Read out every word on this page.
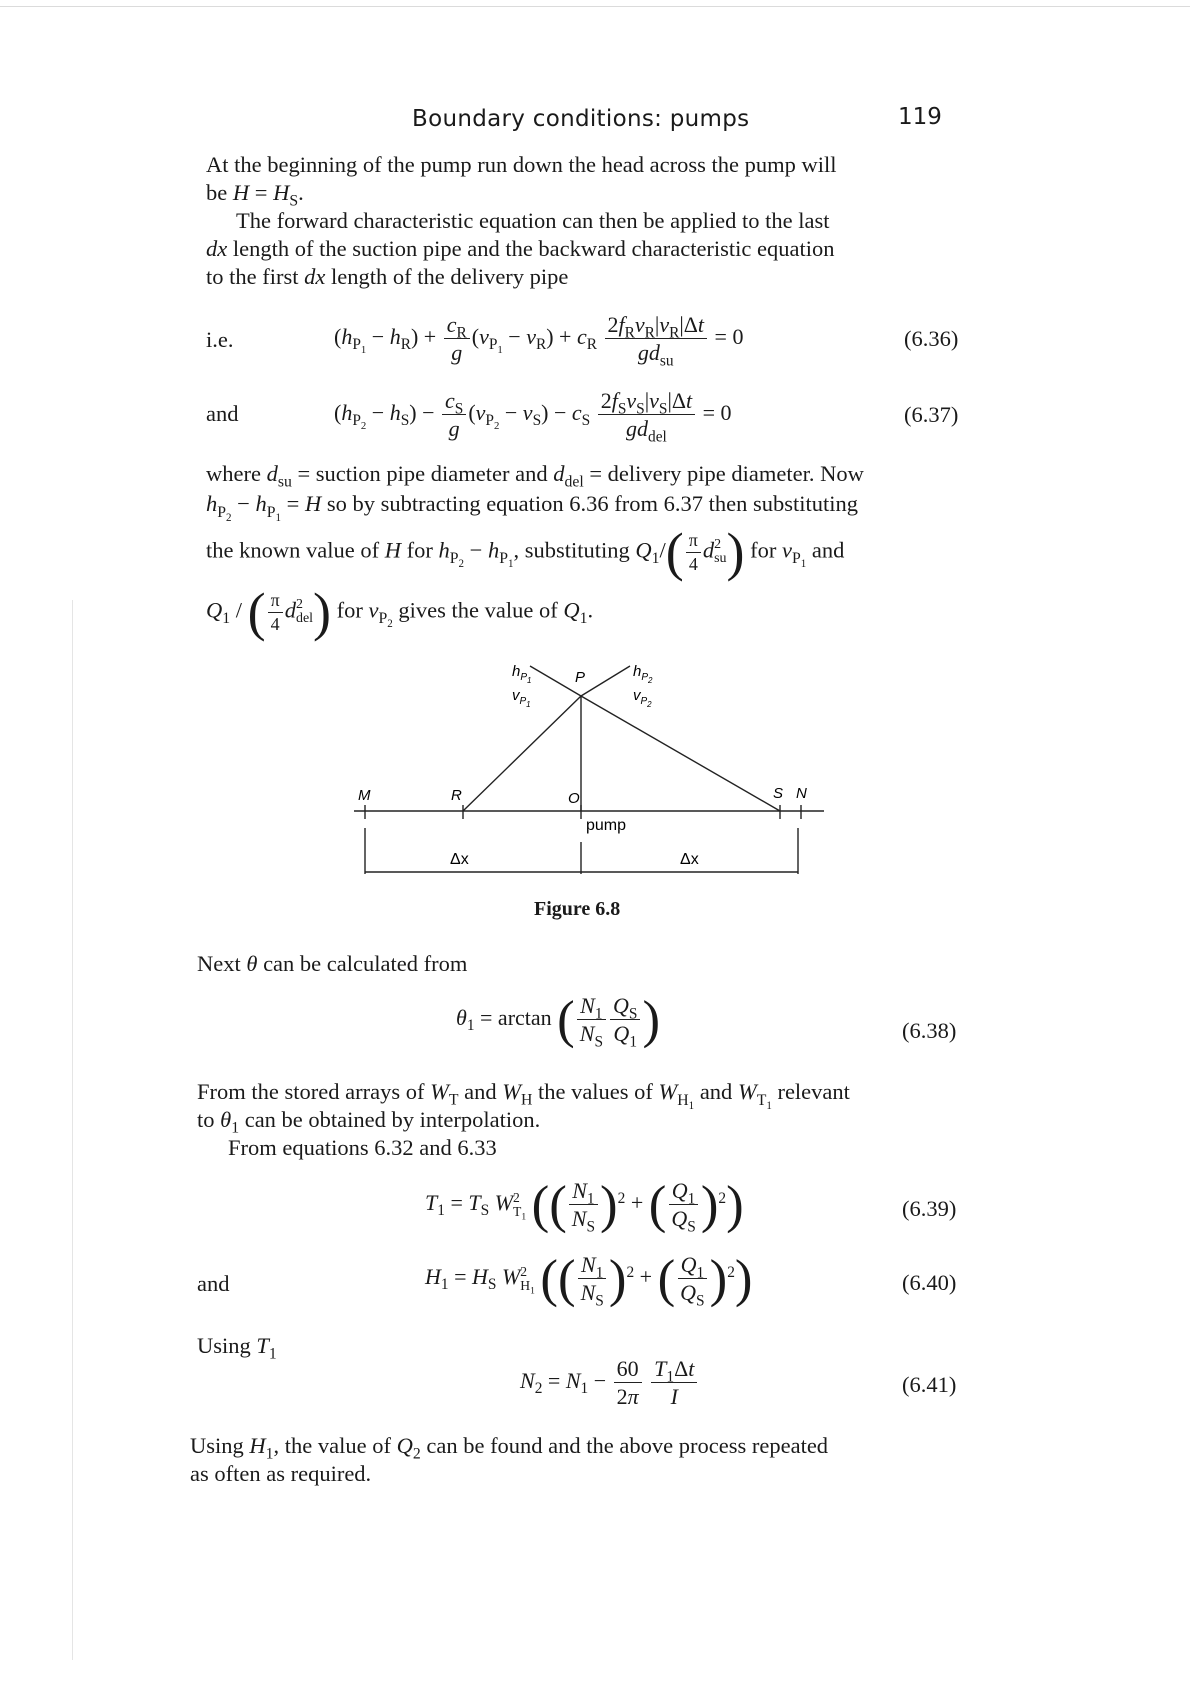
Boundary conditions: pumps	119
At the beginning of the pump run down the head across the pump will
be $H = H_S$.
The forward characteristic equation can then be applied to the last
dx length of the suction pipe and the backward characteristic equation
to the first dx length of the delivery pipe
i.e.	$(h_{P_1} - h_R) + \frac{c_R}{g} (v_{P_1} - v_R) + c_R \frac{2f_Rv_R|v_R|\Delta t}{gd_{su}} = 0$	(6.36)
and	$(h_{P_2} - h_S) - \frac{c_S}{g} (v_{P_2} - v_S) - c_S \frac{2f_Sv_S|v_S|\Delta t}{gd_{del}} = 0$	(6.37)
where $d_{su}$ = suction pipe diameter and $d_{del}$ = delivery pipe diameter. Now
$h_{P_2} - h_{P_1} = H$ so by subtracting equation 6.36 from 6.37 then substituting
the known value of H for $h_{P_2} - h_{P_1}$, substituting $Q_1/( \frac{\pi}{4}$ d 2
su ) for $v_{P_1}$ and
$Q_1$ / ( $\frac{\pi}{4}$ d 2
del ) for $v_{P_2}$ gives the value of $Q_1$.
M	R	O	S N
P
$h_{P1}$
$v_{P1}$
$h_{P2}$
$v_{P2}$
pump
Δx	Δx
Figure 6.8
Next θ can be calculated from
$\theta_1 = \arctan$ ( $\frac{N_1}{N_S} \frac{Q_S}{Q_1}$ )	(6.38)
From the stored arrays of $W_T$ and $W_H$ the values of $W_{H_1}$ and $W_{T_1}$ relevant
to $\theta_1$ can be obtained by interpolation.
From equations 6.32 and 6.33
$T_1 = T_S$ W 2
$T_1$ (( $\frac{N_1}{N_S} )^2$ + ( $\frac{Q_1}{Q_S} )^2$)	(6.39)
and	$H_1 = H_S$ W 2
$H_1$ (( $\frac{N_1}{N_S} )^2$ + ( $\frac{Q_1}{Q_S} )^2$)	(6.40)
Using $T_1$
$N_2 = N_1 - \frac{60}{2\pi}$
$\frac{T_1\Delta t}{I}$	(6.41)
Using $H_1$, the value of $Q_2$ can be found and the above process repeated
as often as required.
